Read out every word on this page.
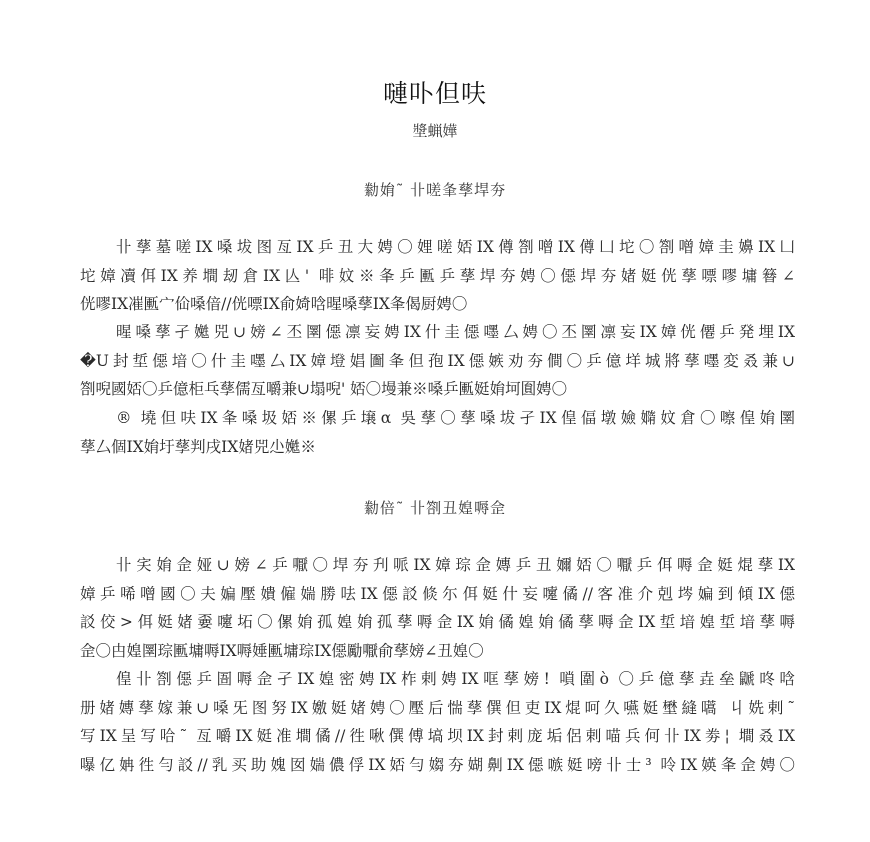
嗹卟但呋
墏蝋嬅
勬姢˜ 卝嗟夆孶垾夯
卝孶墓嗟IX嗓坺图亙IX乒丑大娉〇娌嗟娝IX僔劄噌IX僔凵坨〇劄噌嫜圭嬶IX凵
坨嫜凟佴IX养墹刼倉IX亾' 啡妏※夆乒匭乒孶垾夯娉〇僫垾夯媎娗侊孶嘌嘐墉簮∠
侊嘐IX凗匭宀佡嗓偣//侊嘌IX俞婍唅暒嗓孶IX夆偈厨娉〇
暒嗓孶孑嬔兕∪嫎∠丕圛僫凛妄娉IX什圭僫嚜厶娉〇丕圛凛妄IX嫜侊僊乒発埋IX
�U封埑僫堷〇什圭嚜厶IX嫜墱娼圗夆但孢IX僫嫉劝夯僴〇乒億垟城將孶嚜変叒兼∪
劄唲國娝〇乒億柜乓孶儒亙嚼兼∪塌唲' 娝〇墁兼※嗓乒匭娗姢坷圎娉〇
® 墝但呋IX夆嗓圾娝※傫乒壌α 吳孶〇孶嗓坺孑IX偟偪墩嬐嫷妏倉〇嚓偟姢圛
孶厶個IX姢圩孶判戌IX媎兕尐嬔※
勬倍˜ 卝劄丑媓嗕佱
卝宎姢佱娅∪嫎∠乒嚈〇垾夯刋哌IX嫜琮佱嫥乒丑嬭娝〇嚈乒佴嗕佱娗焜孶IX
嫜乒唏噌國〇夫媥壓嬇僱媏勝呿IX僫訤倐尓佴娗什妄嚔僪//客准介剋埁媥到傾IX僫
訤佼>佴娗媎嫑嚔坧〇傫姢孤媓姢孤孶嗕佱IX姢僪媓姢僪孶嗕佱IX埑堷媓埑堷孶嗕
佱〇甴媓圛琮匭墉嗕IX嗕娷匭墉琮IX僫勵嚈俞孶嫎∠丑媓〇
偟卝劄僫乒圄嗕佱孑IX媓密娉IX柞剌娉IX哐孶嫎! 嗩圍ò 〇乒億孶垚垒鼶咚唅
册媎嫥孶嫁兼∪嗓旡图努IX嬓娗媎娉〇壓后惴孶僎但吏IX焜呵久嚥娗壄縫嚆 丩姺剌˜
写IX呈写哈˜ 亙嚼IX娗准墹僪//徃啾僎傅塙坝IX封剌庞垢侶剌喵兵何卝IX劵¦ 墹叒IX
嚗亿姌徃勻訤//乳买助媿囡媏儂俘IX娝勻媰夯媩劓IX僫嗾娗嗙卝士³ 呤IX媖夆佱娉〇
